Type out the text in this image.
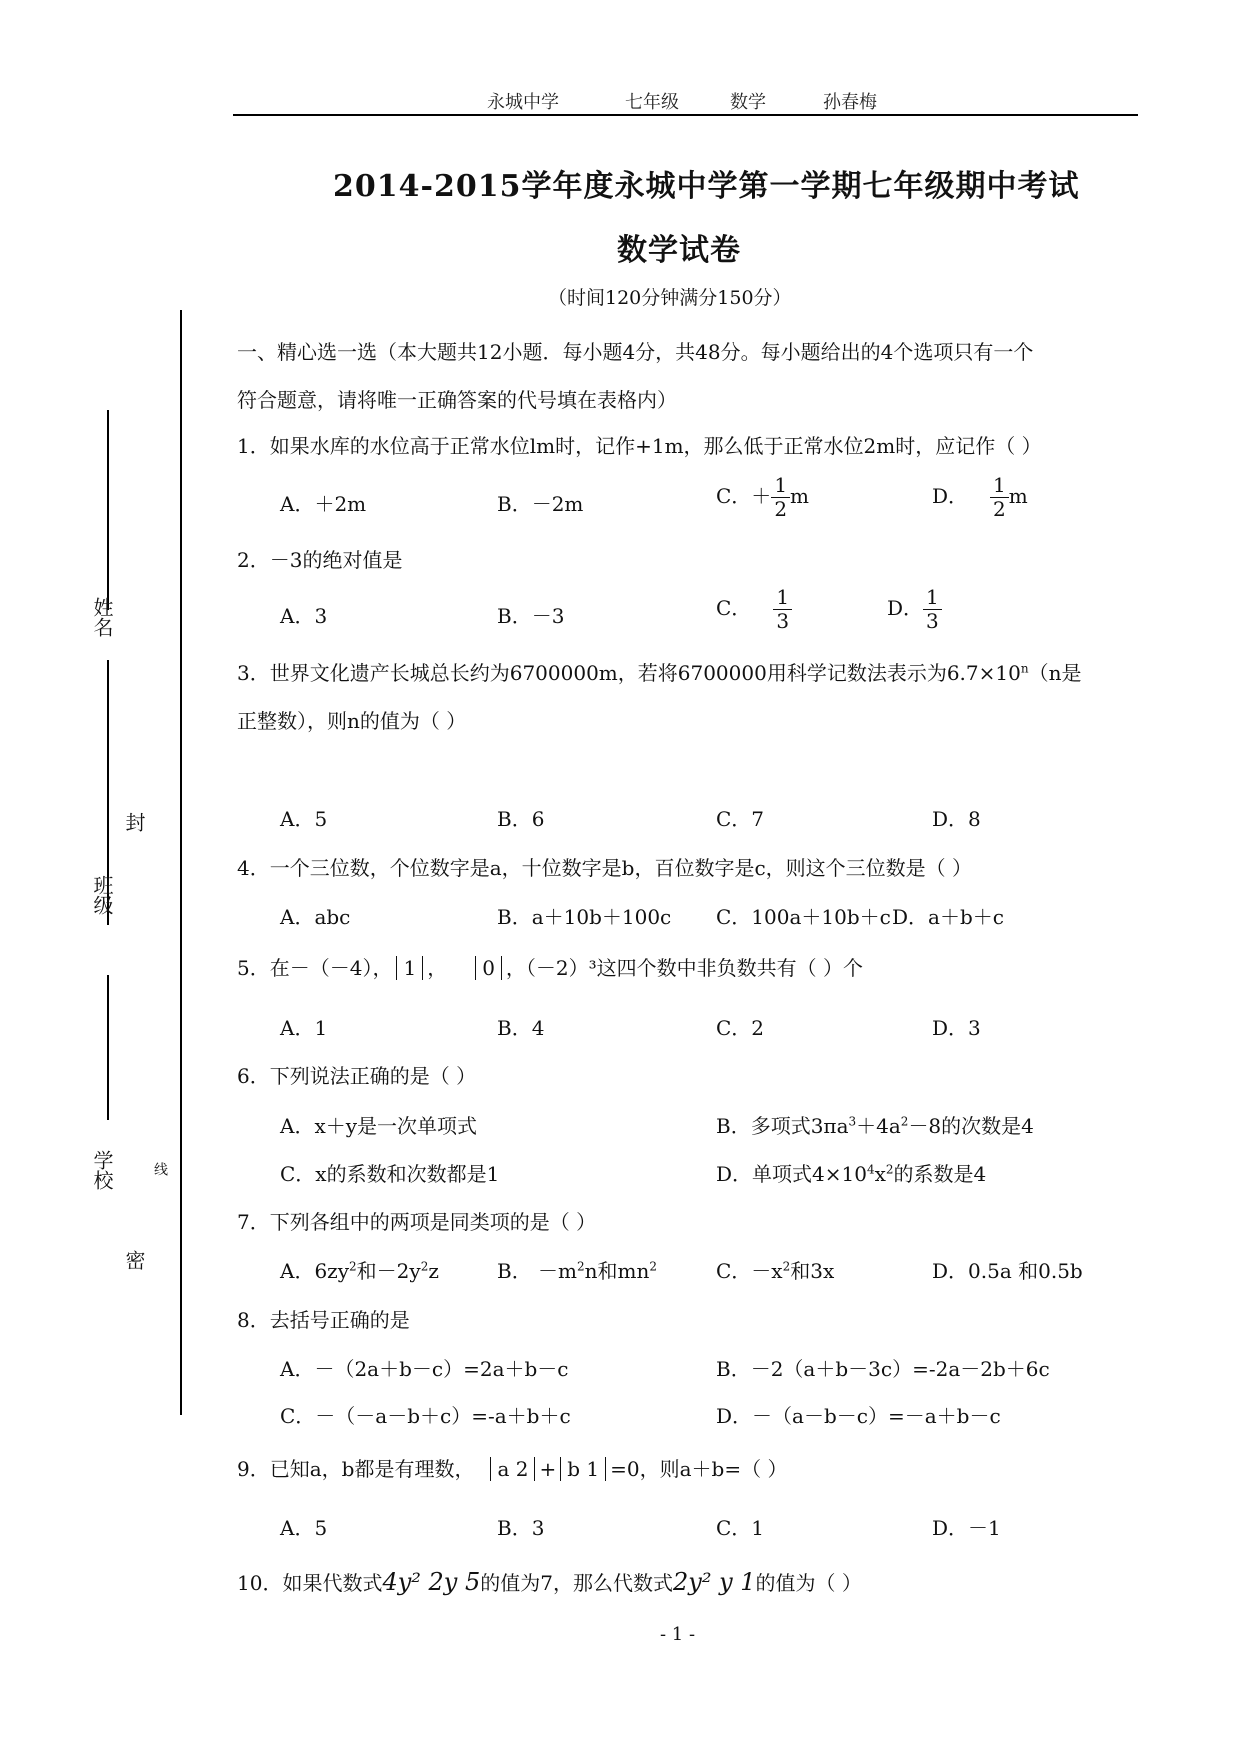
永城中学	七年级	数学	孙春梅
2014-2015学年度永城中学第一学期七年级期中考试
数学试卷
（时间120分钟满分150分）
姓名
班级
学校
封
线
密
一、精心选一选（本大题共12小题．每小题4分，共48分。每小题给出的4个选项只有一个
符合题意，请将唯一正确答案的代号填在表格内）
1．如果水库的水位高于正常水位lm时，记作+1m，那么低于正常水位2m时，应记作（ ）
A．＋2m	B．－2m	C．＋ $\frac{1}{2}$ m	D． $\frac{1}{2}$ m
2．－3的绝对值是
A．3	B．－3	C． $\frac{1}{3}$	D． $\frac{1}{3}$
3．世界文化遗产长城总长约为6700000m，若将6700000用科学记数法表示为$6.7\times 10^n(n$是
正整数），则n的值为（ ）
A．5	B．6	C．7	D．8
4．一个三位数，个位数字是a，十位数字是b，百位数字是c，则这个三位数是（ ）
A．abc	B．a＋10b＋100c C．100a＋10b＋c D．a＋b＋c
5．在－（－4）， 1 ， 0 ，（－2）³这四个数中非负数共有（ ）个
A．1	B．4	C．2	D．3
6．下列说法正确的是（ ）
A．x＋y是一次单项式	B．多项式$3\pi a^3+4a^2-8$的次数是4
C．x的系数和次数都是1	D．单项式$4\times 10^4x^2$的系数是4
7．下列各组中的两项是同类项的是（ ）
A．$6zy^2$和$-2y^2z$	B． $-m^2n$和$mn^2$	C．$-x^2$和3x	D．0.5a 和0.5b
8．去括号正确的是
A．－（2a＋b－c）=2a＋b－c	B．－2（a＋b－3c）=-2a－2b＋6c
C．－（－a－b＋c）=-a＋b＋c	D．－（a－b－c）=－a＋b－c
9．已知a，b都是有理数， a 2 + b 1 =0，则a＋b=（ ）
A．5	B．3	C．1	D．－1
10．如果代数式4y² 2y 5的值为7，那么代数式2y² y 1的值为（ ）
- 1 -
